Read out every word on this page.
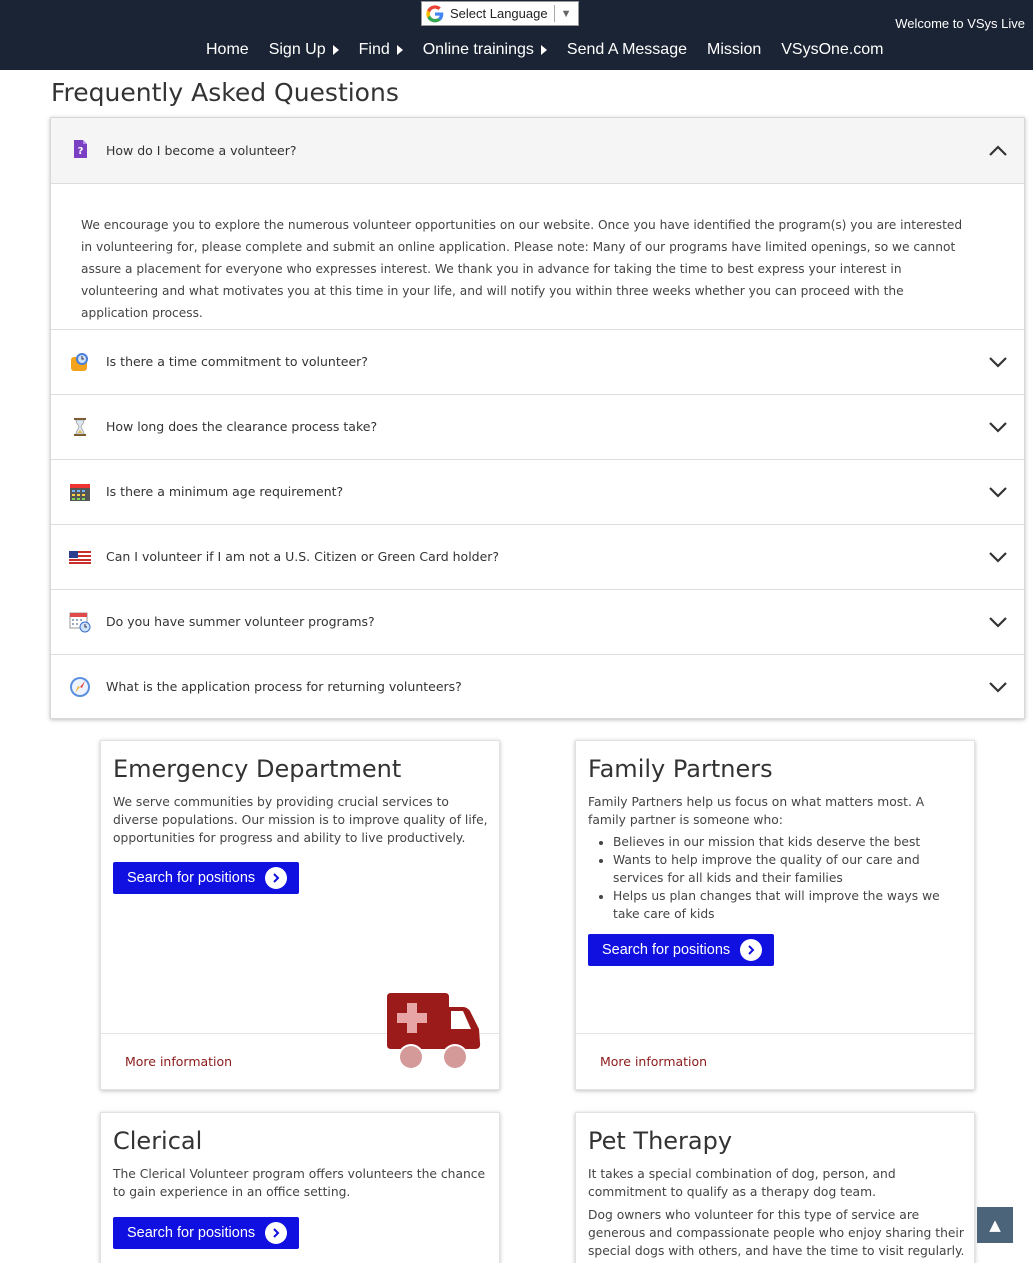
Select Language ▼
Welcome to VSys Live
Home Sign Up Find Online trainings Send A Message Mission VSysOne.com
Frequently Asked Questions
? How do I become a volunteer?

We encourage you to explore the numerous volunteer opportunities on our website. Once you have identified the program(s) you are interested in volunteering for, please complete and submit an online application. Please note: Many of our programs have limited openings, so we cannot assure a placement for everyone who expresses interest. We thank you in advance for taking the time to best express your interest in volunteering and what motivates you at this time in your life, and will notify you within three weeks whether you can proceed with the application process.

Is there a time commitment to volunteer?
How long does the clearance process take?
Is there a minimum age requirement?
Can I volunteer if I am not a U.S. Citizen or Green Card holder?
Do you have summer volunteer programs?
What is the application process for returning volunteers?
Emergency Department
We serve communities by providing crucial services to diverse populations. Our mission is to improve quality of life, opportunities for progress and ability to live productively.
Search for positions
More information
Family Partners
Family Partners help us focus on what matters most. A family partner is someone who:
• Believes in our mission that kids deserve the best
• Wants to help improve the quality of our care and services for all kids and their families
• Helps us plan changes that will improve the ways we take care of kids
Search for positions
More information
Clerical
The Clerical Volunteer program offers volunteers the chance to gain experience in an office setting.
Search for positions
Pet Therapy
It takes a special combination of dog, person, and commitment to qualify as a therapy dog team.
Dog owners who volunteer for this type of service are generous and compassionate people who enjoy sharing their special dogs with others, and have the time to visit regularly.
▲
